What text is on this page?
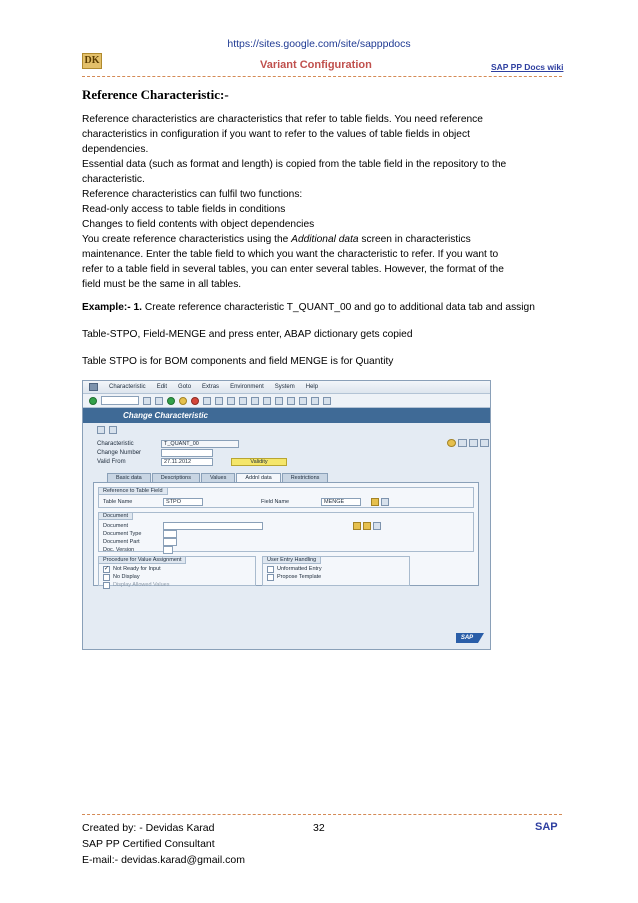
https://sites.google.com/site/sapppdocs
DK	Variant Configuration	SAP PP Docs wiki
Reference Characteristic:-
Reference characteristics are characteristics that refer to table fields. You need reference
characteristics in configuration if you want to refer to the values of table fields in object
dependencies.
Essential data (such as format and length) is copied from the table field in the repository to the
characteristic.
Reference characteristics can fulfil two functions:
Read-only access to table fields in conditions
Changes to field contents with object dependencies
You create reference characteristics using the Additional data screen in characteristics
maintenance. Enter the table field to which you want the characteristic to refer. If you want to
refer to a table field in several tables, you can enter several tables. However, the format of the
field must be the same in all tables.
Example:- 1. Create reference characteristic T_QUANT_00 and go to additional data tab and assign
Table-STPO, Field-MENGE and press enter, ABAP dictionary gets copied
Table STPO is for BOM components and field MENGE is for Quantity
Characteristic Edit Goto Extras Environment System Help
Change Characteristic
Characteristic	T_QUANT_00
Change Number
Valid From	27.11.2012	Validity
Basic data	Descriptions	Values	Addnl data	Restrictions
Reference to Table Field
Table Name	STPO	Field Name	MENGE
Document
Document
Document Type
Document Part
Doc. Version
Procedure for Value Assignment
✓ Not Ready for Input
No Display
Display Allowed Values
User Entry Handling
Unformatted Entry
Propose Template
SAP
Created by: - Devidas Karad	32	SAP
SAP PP Certified Consultant
E-mail:- devidas.karad@gmail.com
